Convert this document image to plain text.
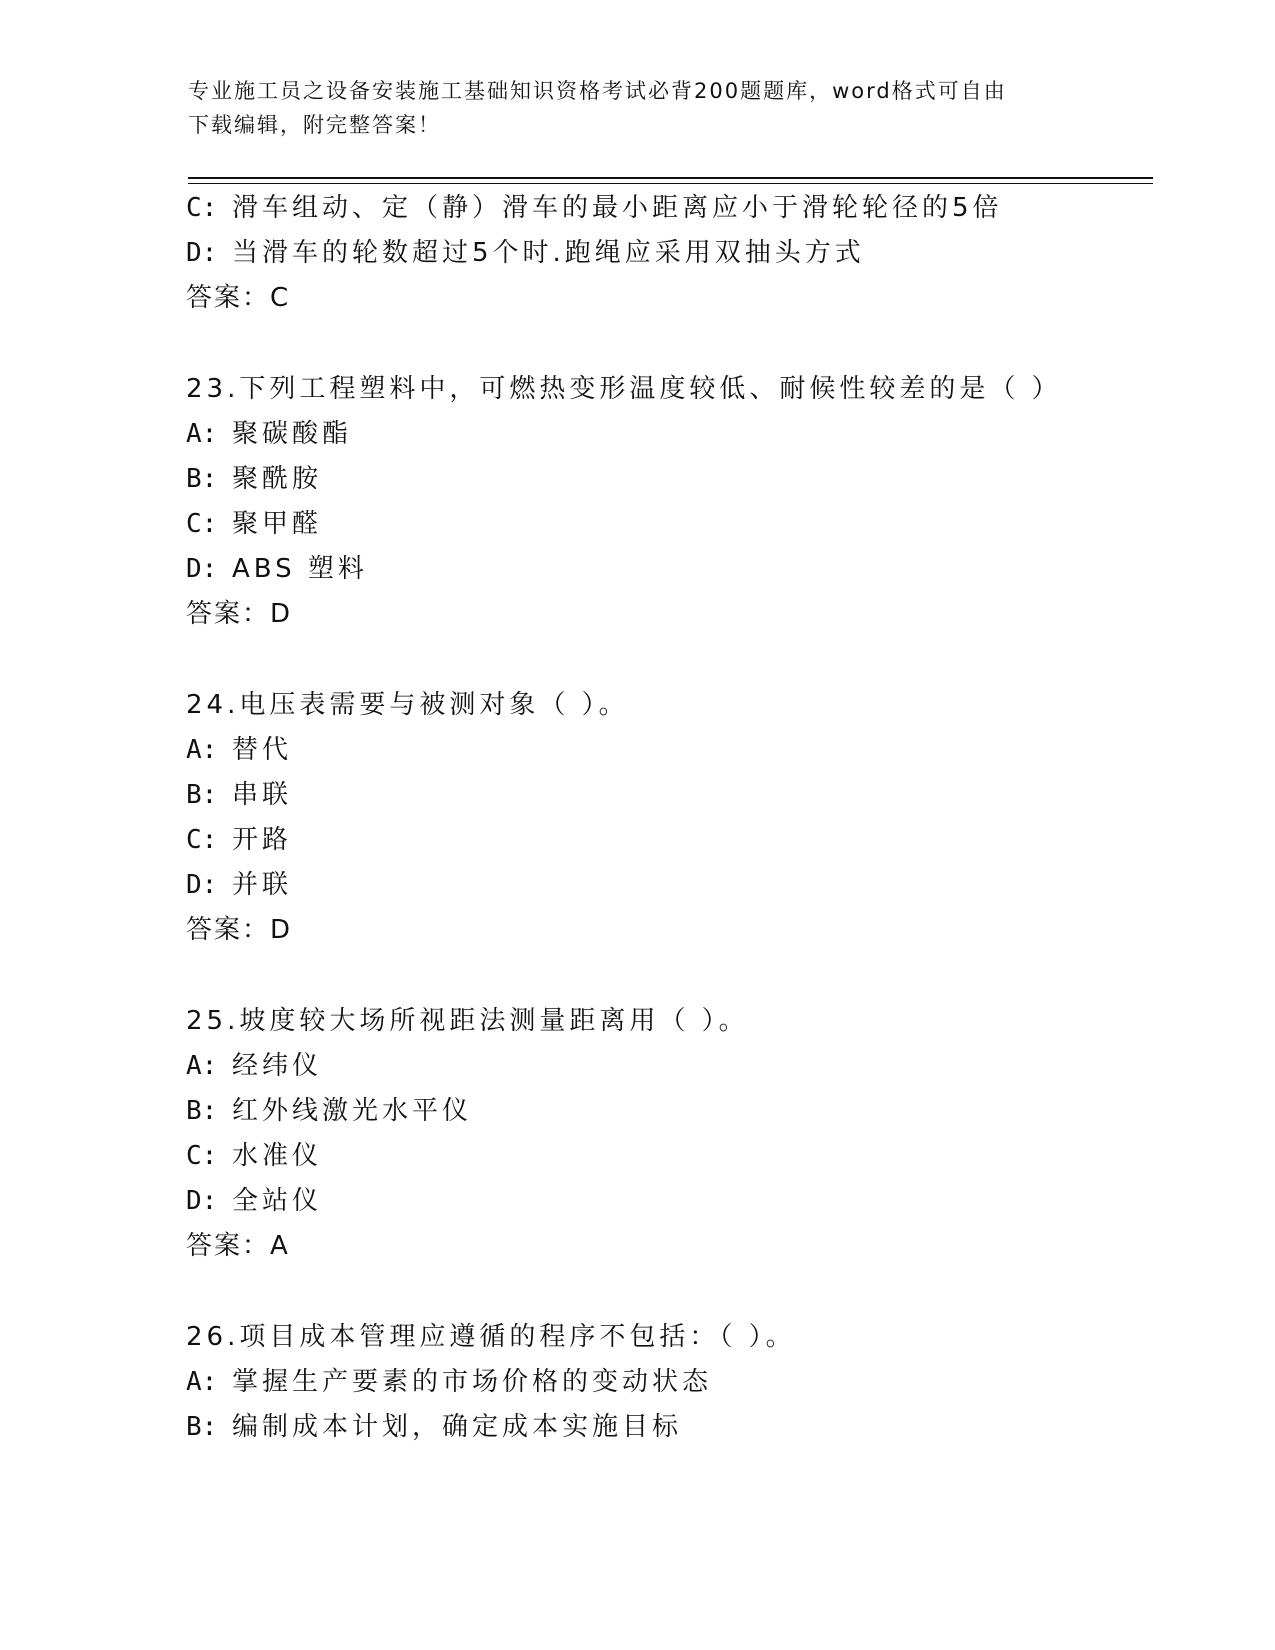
专业施工员之设备安装施工基础知识资格考试必背200题题库，word格式可自由
下载编辑，附完整答案！
C: 滑车组动、定（静）滑车的最小距离应小于滑轮轮径的5倍
D: 当滑车的轮数超过5个时.跑绳应采用双抽头方式
答案：C
23.下列工程塑料中，可燃热变形温度较低、耐候性较差的是（ ）
A: 聚碳酸酯
B: 聚酰胺
C: 聚甲醛
D: ABS 塑料
答案：D
24.电压表需要与被测对象（ ）。
A: 替代
B: 串联
C: 开路
D: 并联
答案：D
25.坡度较大场所视距法测量距离用（ ）。
A: 经纬仪
B: 红外线激光水平仪
C: 水准仪
D: 全站仪
答案：A
26.项目成本管理应遵循的程序不包括：（ ）。
A: 掌握生产要素的市场价格的变动状态
B: 编制成本计划，确定成本实施目标
